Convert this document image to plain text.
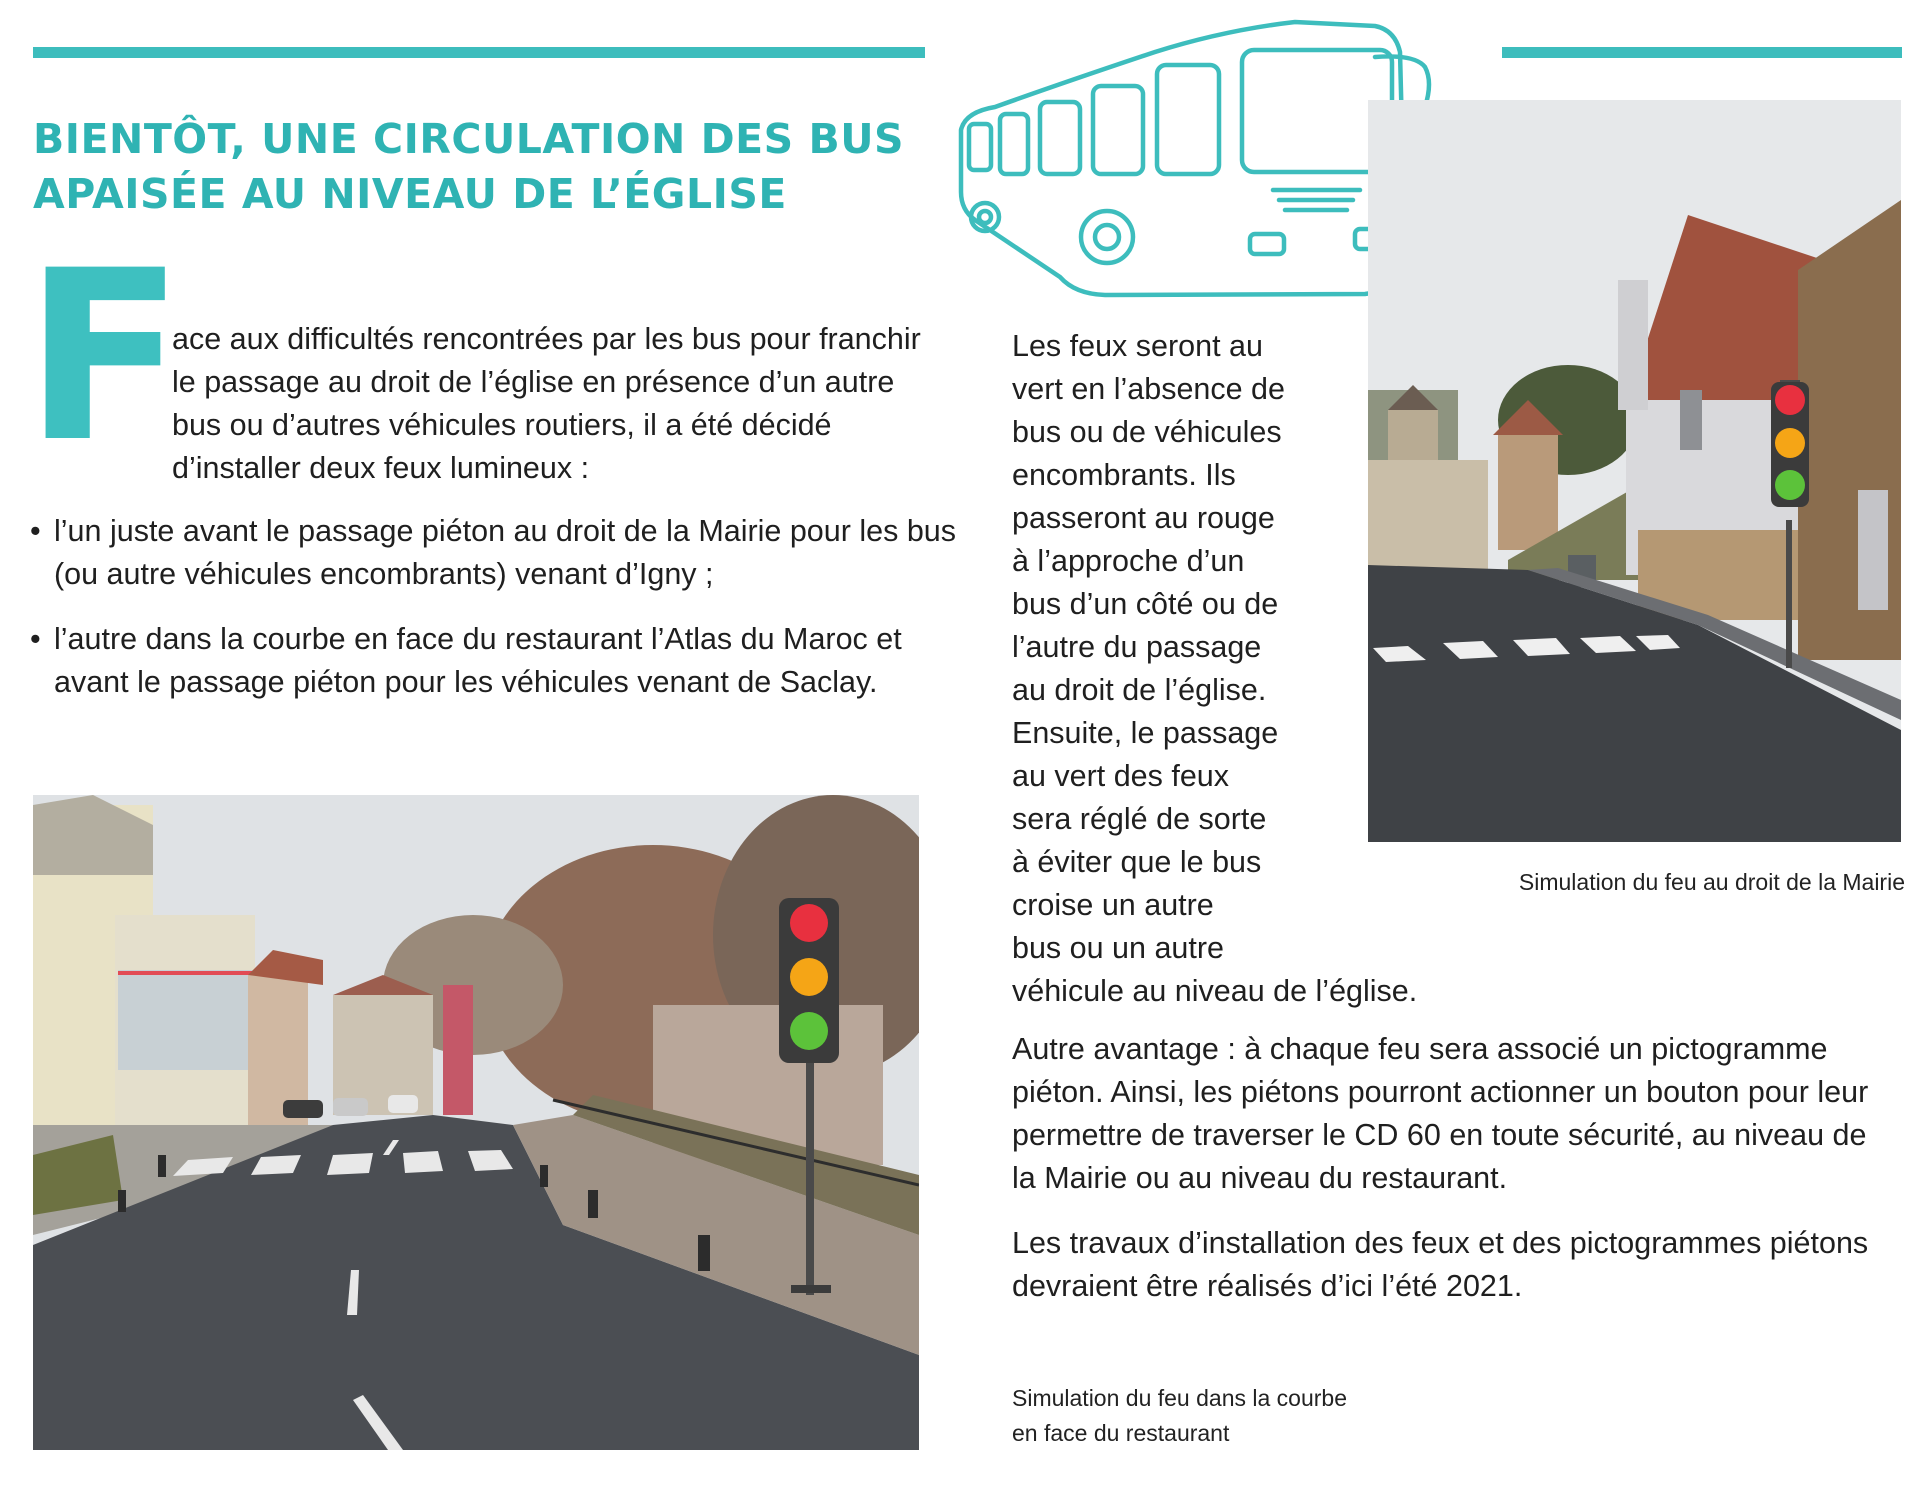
BIENTÔT, UNE CIRCULATION DES BUS
APAISÉE AU NIVEAU DE L’ÉGLISE
F

ace aux difficultés rencontrées par les bus pour franchir le passage au droit de l’église en présence d’un autre bus ou d’autres véhicules routiers, il a été décidé d’installer deux feux lumineux :

• l’un juste avant le passage piéton au droit de la Mairie pour les bus (ou autre véhicules encombrants) venant d’Igny ;

• l’autre dans la courbe en face du restaurant l’Atlas du Maroc et avant le passage piéton pour les véhicules venant de Saclay.

Les feux seront au

vert en l’absence de

bus ou de véhicules

encombrants. Ils

passeront au rouge

à l’approche d’un

bus d’un côté ou de

l’autre du passage

au droit de l’église.

Ensuite, le passage

au vert des feux

sera réglé de sorte

à éviter que le bus

croise un autre

bus ou un autre

véhicule au niveau de l’église.

Autre avantage : à chaque feu sera associé un pictogramme piéton. Ainsi, les piétons pourront actionner un bouton pour leur permettre de traverser le CD 60 en toute sécurité, au niveau de la Mairie ou au niveau du restaurant.

Les travaux d’installation des feux et des pictogrammes piétons devraient être réalisés d’ici l’été 2021.

Simulation du feu au droit de la Mairie

Simulation du feu dans la courbe
en face du restaurant
